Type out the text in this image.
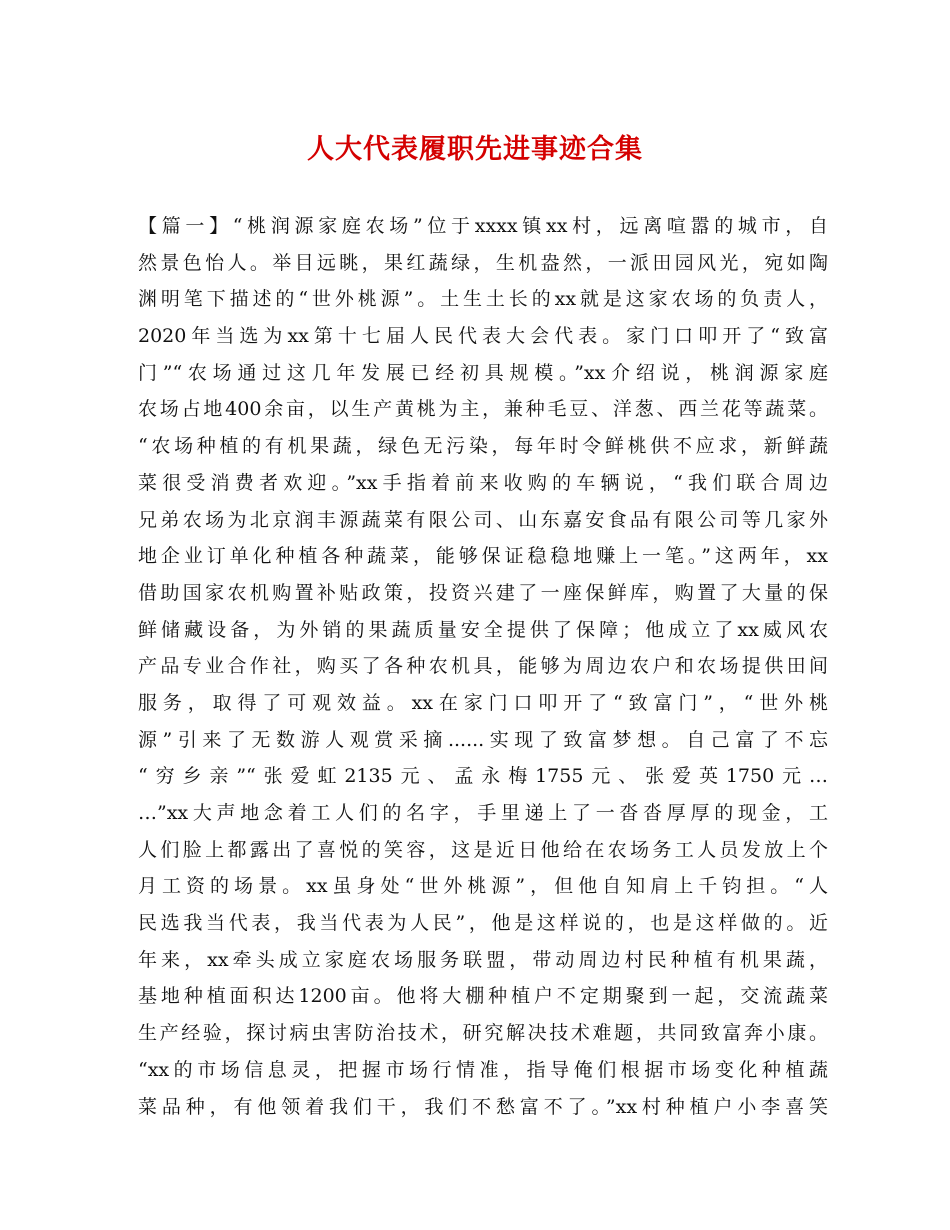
人大代表履职先进事迹合集
【篇一】“桃润源家庭农场”位于xxxx镇xx村，远离喧嚣的城市，自
然景色怡人。举目远眺，果红蔬绿，生机盎然，一派田园风光，宛如陶
渊明笔下描述的“世外桃源”。土生土长的xx就是这家农场的负责人，
2020年当选为xx第十七届人民代表大会代表。家门口叩开了“致富
门”“农场通过这几年发展已经初具规模。”xx介绍说，桃润源家庭
农场占地400余亩，以生产黄桃为主，兼种毛豆、洋葱、西兰花等蔬菜。
“农场种植的有机果蔬，绿色无污染，每年时令鲜桃供不应求，新鲜蔬
菜很受消费者欢迎。”xx手指着前来收购的车辆说，“我们联合周边
兄弟农场为北京润丰源蔬菜有限公司、山东嘉安食品有限公司等几家外
地企业订单化种植各种蔬菜，能够保证稳稳地赚上一笔。”这两年，xx
借助国家农机购置补贴政策，投资兴建了一座保鲜库，购置了大量的保
鲜储藏设备，为外销的果蔬质量安全提供了保障；他成立了xx威风农
产品专业合作社，购买了各种农机具，能够为周边农户和农场提供田间
服务，取得了可观效益。xx在家门口叩开了“致富门”，“世外桃
源”引来了无数游人观赏采摘......实现了致富梦想。自己富了不忘
“穷乡亲”“张爱虹2135元、孟永梅1755元、张爱英1750元…
…”xx大声地念着工人们的名字，手里递上了一沓沓厚厚的现金，工
人们脸上都露出了喜悦的笑容，这是近日他给在农场务工人员发放上个
月工资的场景。xx虽身处“世外桃源”，但他自知肩上千钧担。“人
民选我当代表，我当代表为人民”，他是这样说的，也是这样做的。近
年来，xx牵头成立家庭农场服务联盟，带动周边村民种植有机果蔬，
基地种植面积达1200亩。他将大棚种植户不定期聚到一起，交流蔬菜
生产经验，探讨病虫害防治技术，研究解决技术难题，共同致富奔小康。
“xx的市场信息灵，把握市场行情准，指导俺们根据市场变化种植蔬
菜品种，有他领着我们干，我们不愁富不了。”xx村种植户小李喜笑
